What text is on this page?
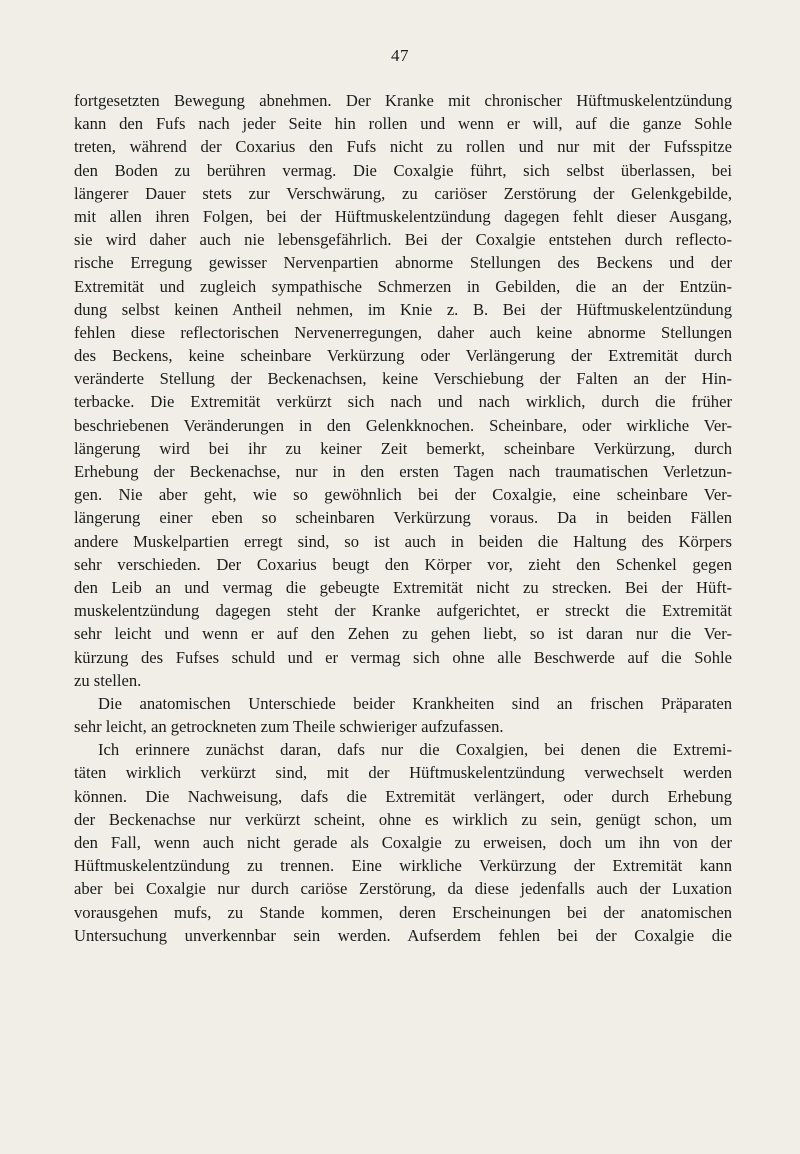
47
fortgesetzten Bewegung abnehmen. Der Kranke mit chronischer Hüftmuskelentzündung
kann den Fufs nach jeder Seite hin rollen und wenn er will, auf die ganze Sohle
treten, während der Coxarius den Fufs nicht zu rollen und nur mit der Fufsspitze
den Boden zu berühren vermag. Die Coxalgie führt, sich selbst überlassen, bei
längerer Dauer stets zur Verschwärung, zu cariöser Zerstörung der Gelenkgebilde,
mit allen ihren Folgen, bei der Hüftmuskelentzündung dagegen fehlt dieser Ausgang,
sie wird daher auch nie lebensgefährlich. Bei der Coxalgie entstehen durch reflecto-
rische Erregung gewisser Nervenpartien abnorme Stellungen des Beckens und der
Extremität und zugleich sympathische Schmerzen in Gebilden, die an der Entzün-
dung selbst keinen Antheil nehmen, im Knie z. B. Bei der Hüftmuskelentzündung
fehlen diese reflectorischen Nervenerregungen, daher auch keine abnorme Stellungen
des Beckens, keine scheinbare Verkürzung oder Verlängerung der Extremität durch
veränderte Stellung der Beckenachsen, keine Verschiebung der Falten an der Hin-
terbacke. Die Extremität verkürzt sich nach und nach wirklich, durch die früher
beschriebenen Veränderungen in den Gelenkknochen. Scheinbare, oder wirkliche Ver-
längerung wird bei ihr zu keiner Zeit bemerkt, scheinbare Verkürzung, durch
Erhebung der Beckenachse, nur in den ersten Tagen nach traumatischen Verletzun-
gen. Nie aber geht, wie so gewöhnlich bei der Coxalgie, eine scheinbare Ver-
längerung einer eben so scheinbaren Verkürzung voraus. Da in beiden Fällen
andere Muskelpartien erregt sind, so ist auch in beiden die Haltung des Körpers
sehr verschieden. Der Coxarius beugt den Körper vor, zieht den Schenkel gegen
den Leib an und vermag die gebeugte Extremität nicht zu strecken. Bei der Hüft-
muskelentzündung dagegen steht der Kranke aufgerichtet, er streckt die Extremität
sehr leicht und wenn er auf den Zehen zu gehen liebt, so ist daran nur die Ver-
kürzung des Fufses schuld und er vermag sich ohne alle Beschwerde auf die Sohle
zu stellen.
Die anatomischen Unterschiede beider Krankheiten sind an frischen Präparaten
sehr leicht, an getrockneten zum Theile schwieriger aufzufassen.
Ich erinnere zunächst daran, dafs nur die Coxalgien, bei denen die Extremi-
täten wirklich verkürzt sind, mit der Hüftmuskelentzündung verwechselt werden
können. Die Nachweisung, dafs die Extremität verlängert, oder durch Erhebung
der Beckenachse nur verkürzt scheint, ohne es wirklich zu sein, genügt schon, um
den Fall, wenn auch nicht gerade als Coxalgie zu erweisen, doch um ihn von der
Hüftmuskelentzündung zu trennen. Eine wirkliche Verkürzung der Extremität kann
aber bei Coxalgie nur durch cariöse Zerstörung, da diese jedenfalls auch der Luxation
vorausgehen mufs, zu Stande kommen, deren Erscheinungen bei der anatomischen
Untersuchung unverkennbar sein werden. Aufserdem fehlen bei der Coxalgie die
